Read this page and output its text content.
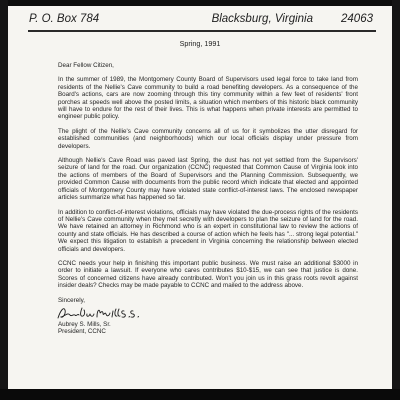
P. O. Box 784	Blacksburg, Virginia 24063
Spring, 1991

Dear Fellow Citizen,

In the summer of 1989, the Montgomery County Board of Supervisors used legal force to take land from residents of the Nellie's Cave community to build a road benefiting developers. As a consequence of the Board's actions, cars are now zooming through this tiny community within a few feet of residents' front porches at speeds well above the posted limits, a situation which members of this historic black community will have to endure for the rest of their lives. This is what happens when private interests are permitted to engineer public policy.

The plight of the Nellie's Cave community concerns all of us for it symbolizes the utter disregard for established communities (and neighborhoods) which our local officials display under pressure from developers.

Although Nellie's Cave Road was paved last Spring, the dust has not yet settled from the Supervisors' seizure of land for the road. Our organization (CCNC) requested that Common Cause of Virginia look into the actions of members of the Board of Supervisors and the Planning Commission. Subsequently, we provided Common Cause with documents from the public record which indicate that elected and appointed officials of Montgomery County may have violated state conflict-of-interest laws. The enclosed newspaper articles summarize what has happened so far.

In addition to conflict-of-interest violations, officials may have violated the due-process rights of the residents of Nellie's Cave community when they met secretly with developers to plan the seizure of land for the road. We have retained an attorney in Richmond who is an expert in constitutional law to review the actions of county and state officials. He has described a course of action which he feels has "... strong legal potential." We expect this litigation to establish a precedent in Virginia concerning the relationship between elected officials and developers.

CCNC needs your help in finishing this important public business. We must raise an additional $3000 in order to initiate a lawsuit. If everyone who cares contributes $10-$15, we can see that justice is done. Scores of concerned citizens have already contributed. Won't you join us in this grass roots revolt against insider deals? Checks may be made payable to CCNC and mailed to the address above.

Sincerely,

Aubrey S. Mills, Sr.

President, CCNC
